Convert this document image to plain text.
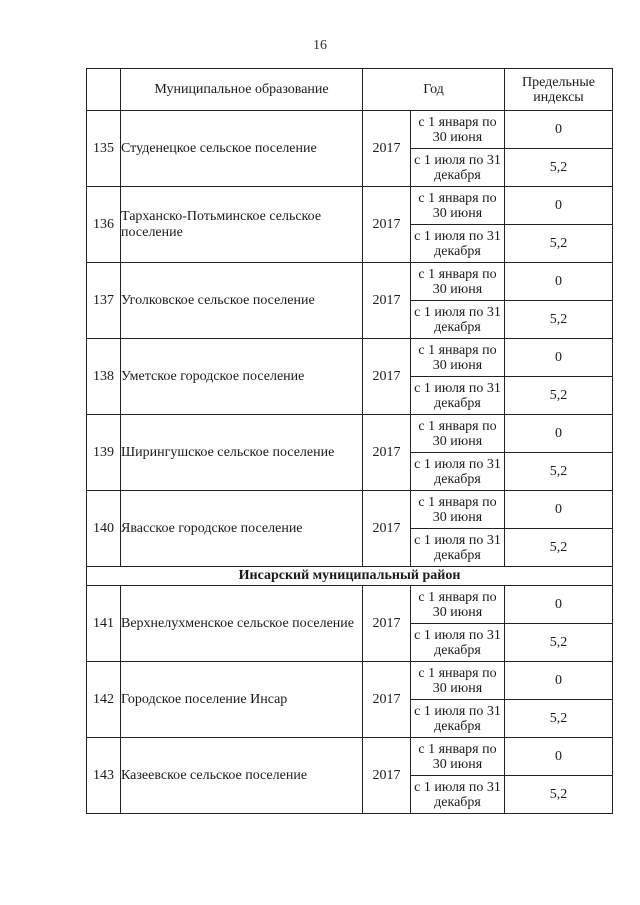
16
	Муниципальное образование	Год		Предельные индексы
135	Студенецкое сельское поселение	2017	с 1 января по 30 июня	0
			с 1 июля по 31 декабря	5,2
136	Тарханско-Потьминское сельское поселение	2017	с 1 января по 30 июня	0
			с 1 июля по 31 декабря	5,2
137	Уголковское сельское поселение	2017	с 1 января по 30 июня	0
			с 1 июля по 31 декабря	5,2
138	Уметское городское поселение	2017	с 1 января по 30 июня	0
			с 1 июля по 31 декабря	5,2
139	Ширингушское сельское поселение	2017	с 1 января по 30 июня	0
			с 1 июля по 31 декабря	5,2
140	Явасское городское поселение	2017	с 1 января по 30 июня	0
			с 1 июля по 31 декабря	5,2
Инсарский муниципальный район				
141	Верхнелухменское сельское поселение	2017	с 1 января по 30 июня	0
			с 1 июля по 31 декабря	5,2
142	Городское поселение Инсар	2017	с 1 января по 30 июня	0
			с 1 июля по 31 декабря	5,2
143	Казеевское сельское поселение	2017	с 1 января по 30 июня	0
			с 1 июля по 31 декабря	5,2
